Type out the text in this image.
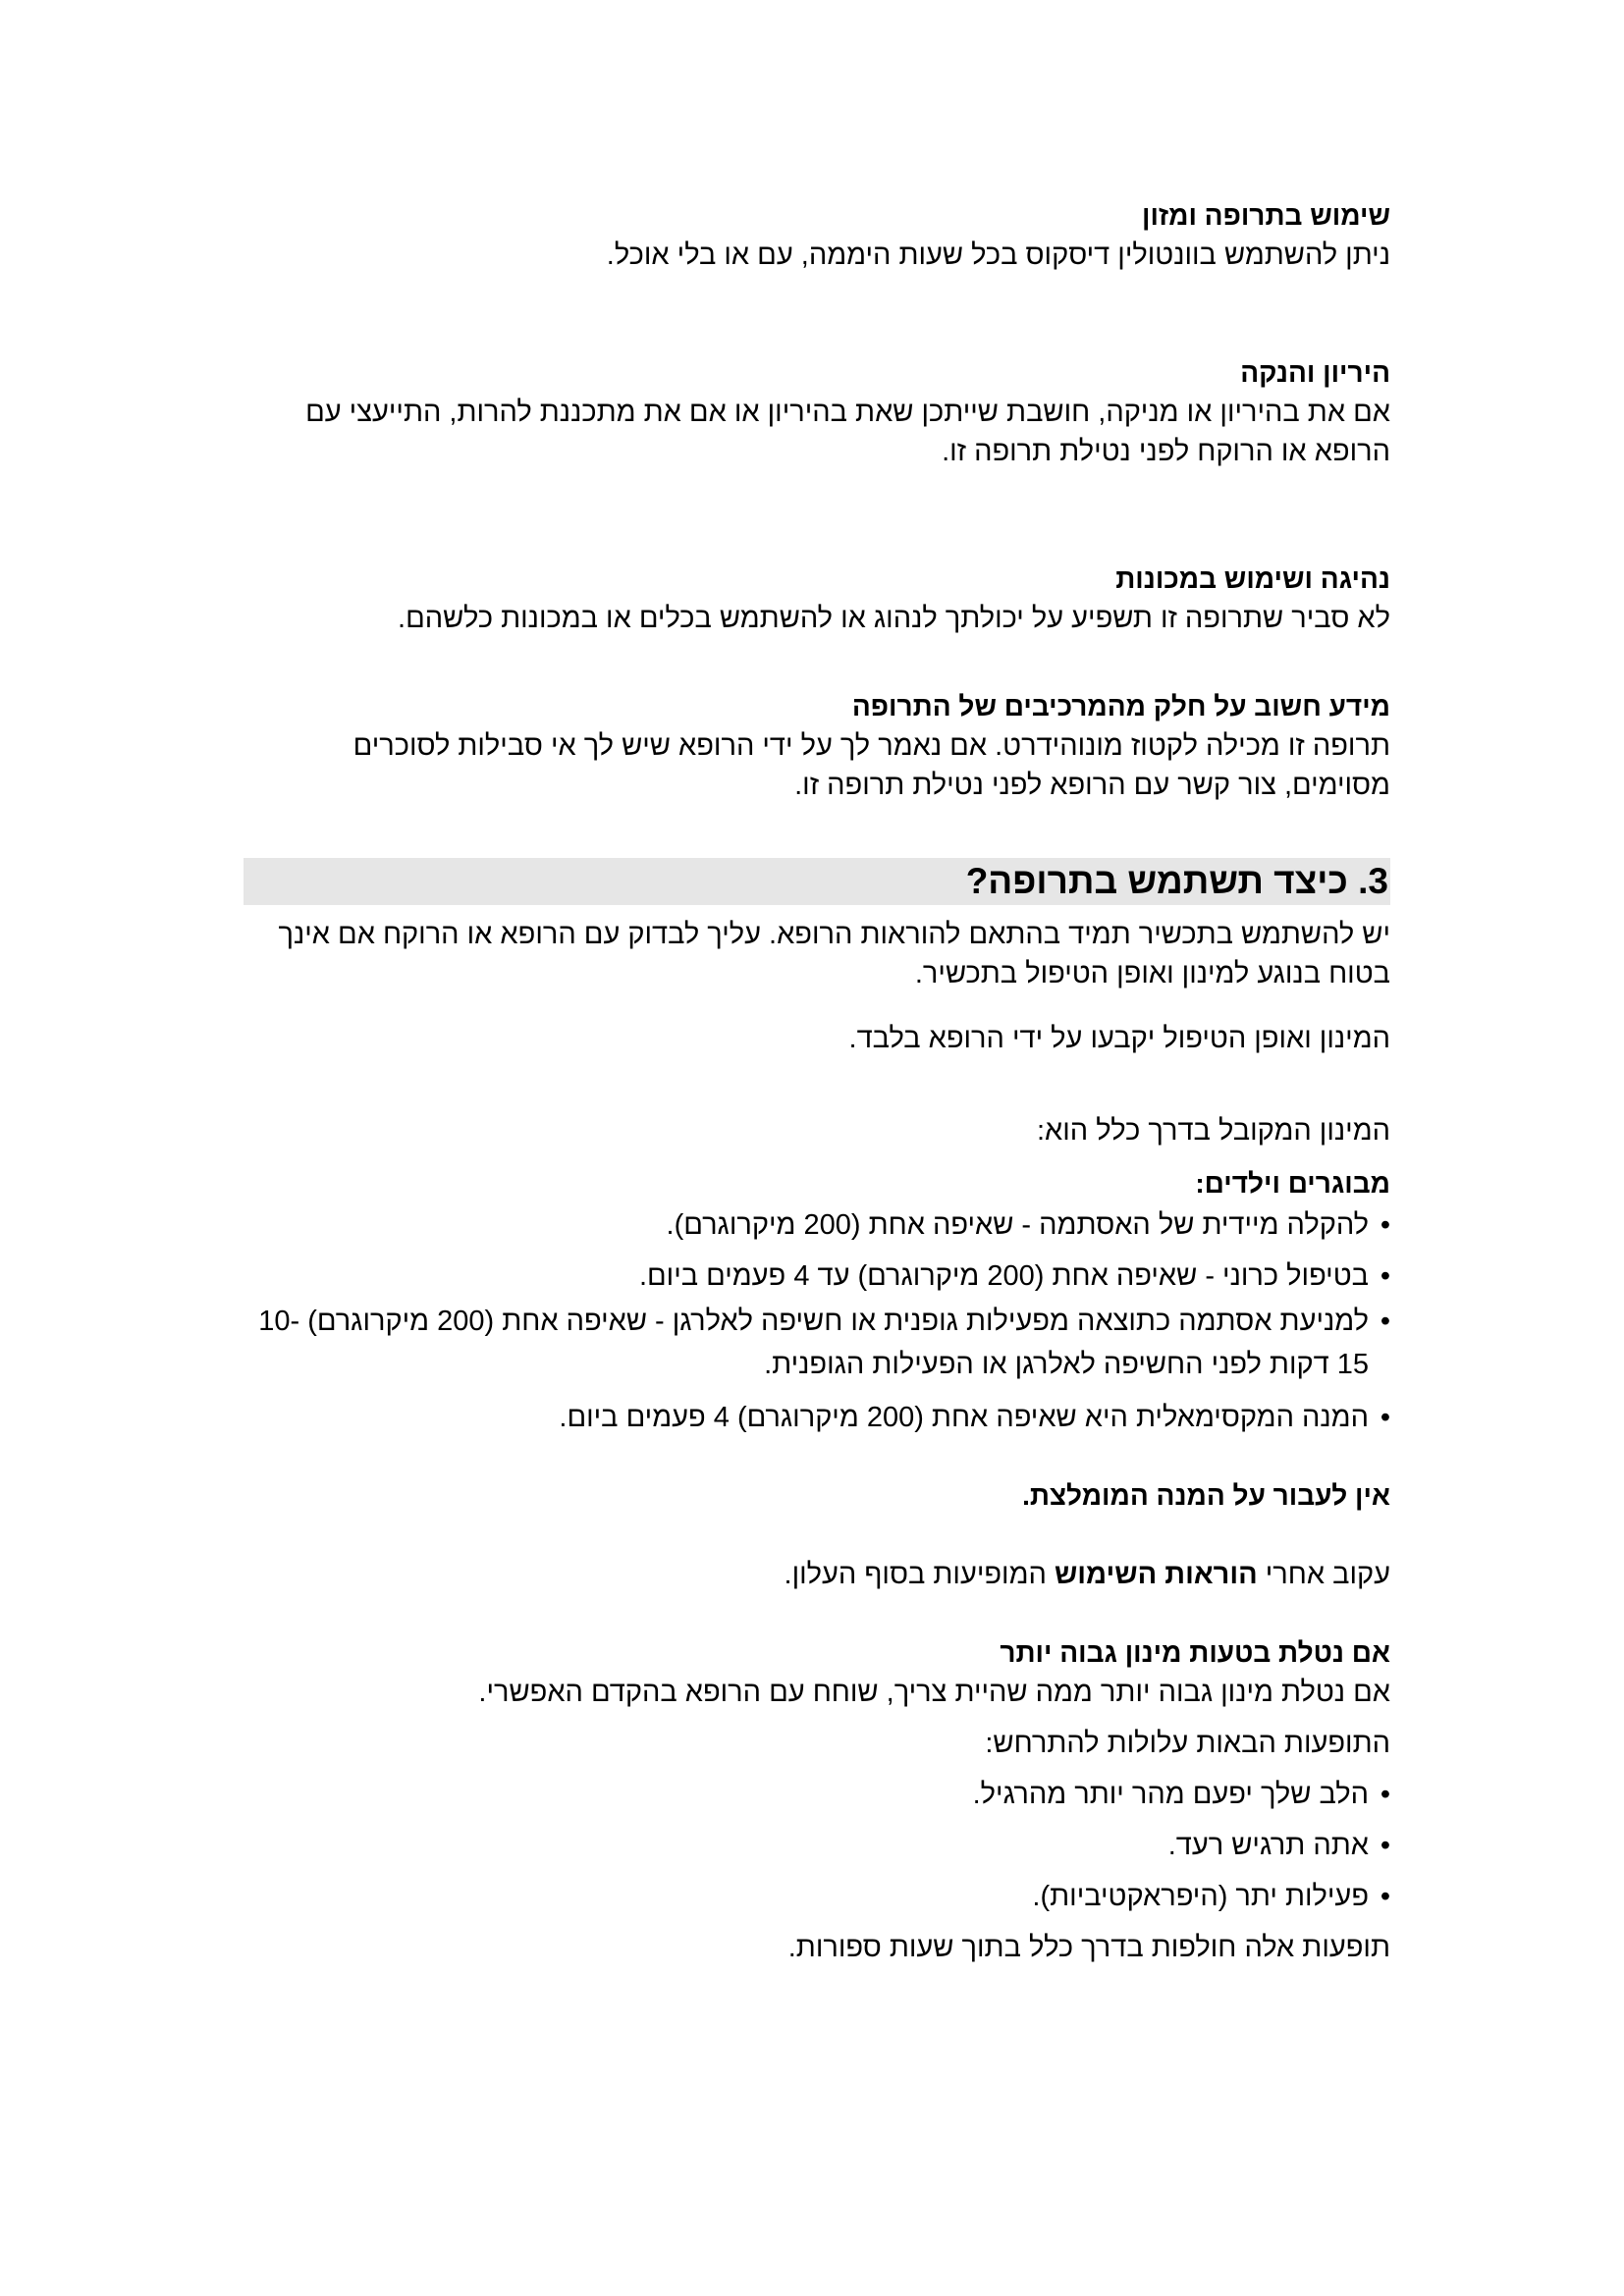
שימוש בתרופה ומזון

ניתן להשתמש בוונטולין דיסקוס בכל שעות היממה, עם או בלי אוכל.

היריון והנקה

אם את בהיריון או מניקה, חושבת שייתכן שאת בהיריון או אם את מתכננת להרות, התייעצי עם הרופא או הרוקח לפני נטילת תרופה זו.

נהיגה ושימוש במכונות

לא סביר שתרופה זו תשפיע על יכולתך לנהוג או להשתמש בכלים או במכונות כלשהם.

מידע חשוב על חלק מהמרכיבים של התרופה

תרופה זו מכילה לקטוז מונוהידרט. אם נאמר לך על ידי הרופא שיש לך אי סבילות לסוכרים מסוימים, צור קשר עם הרופא לפני נטילת תרופה זו.

3. כיצד תשתמש בתרופה?

יש להשתמש בתכשיר תמיד בהתאם להוראות הרופא. עליך לבדוק עם הרופא או הרוקח אם אינך בטוח בנוגע למינון ואופן הטיפול בתכשיר.

המינון ואופן הטיפול יקבעו על ידי הרופא בלבד.

המינון המקובל בדרך כלל הוא:

מבוגרים וילדים:
• להקלה מיידית של האסתמה - שאיפה אחת (200 מיקרוגרם).
• בטיפול כרוני - שאיפה אחת (200 מיקרוגרם) עד 4 פעמים ביום.
• למניעת אסתמה כתוצאה מפעילות גופנית או חשיפה לאלרגן - שאיפה אחת (200 מיקרוגרם) 10-15 דקות לפני החשיפה לאלרגן או הפעילות הגופנית.
• המנה המקסימאלית היא שאיפה אחת (200 מיקרוגרם) 4 פעמים ביום.
אין לעבור על המנה המומלצת.

עקוב אחרי הוראות השימוש המופיעות בסוף העלון.

אם נטלת בטעות מינון גבוה יותר

אם נטלת מינון גבוה יותר ממה שהיית צריך, שוחח עם הרופא בהקדם האפשרי.

התופעות הבאות עלולות להתרחש:

• הלב שלך יפעם מהר יותר מהרגיל.
• אתה תרגיש רעד.
• פעילות יתר (היפראקטיביות).

תופעות אלה חולפות בדרך כלל בתוך שעות ספורות.
